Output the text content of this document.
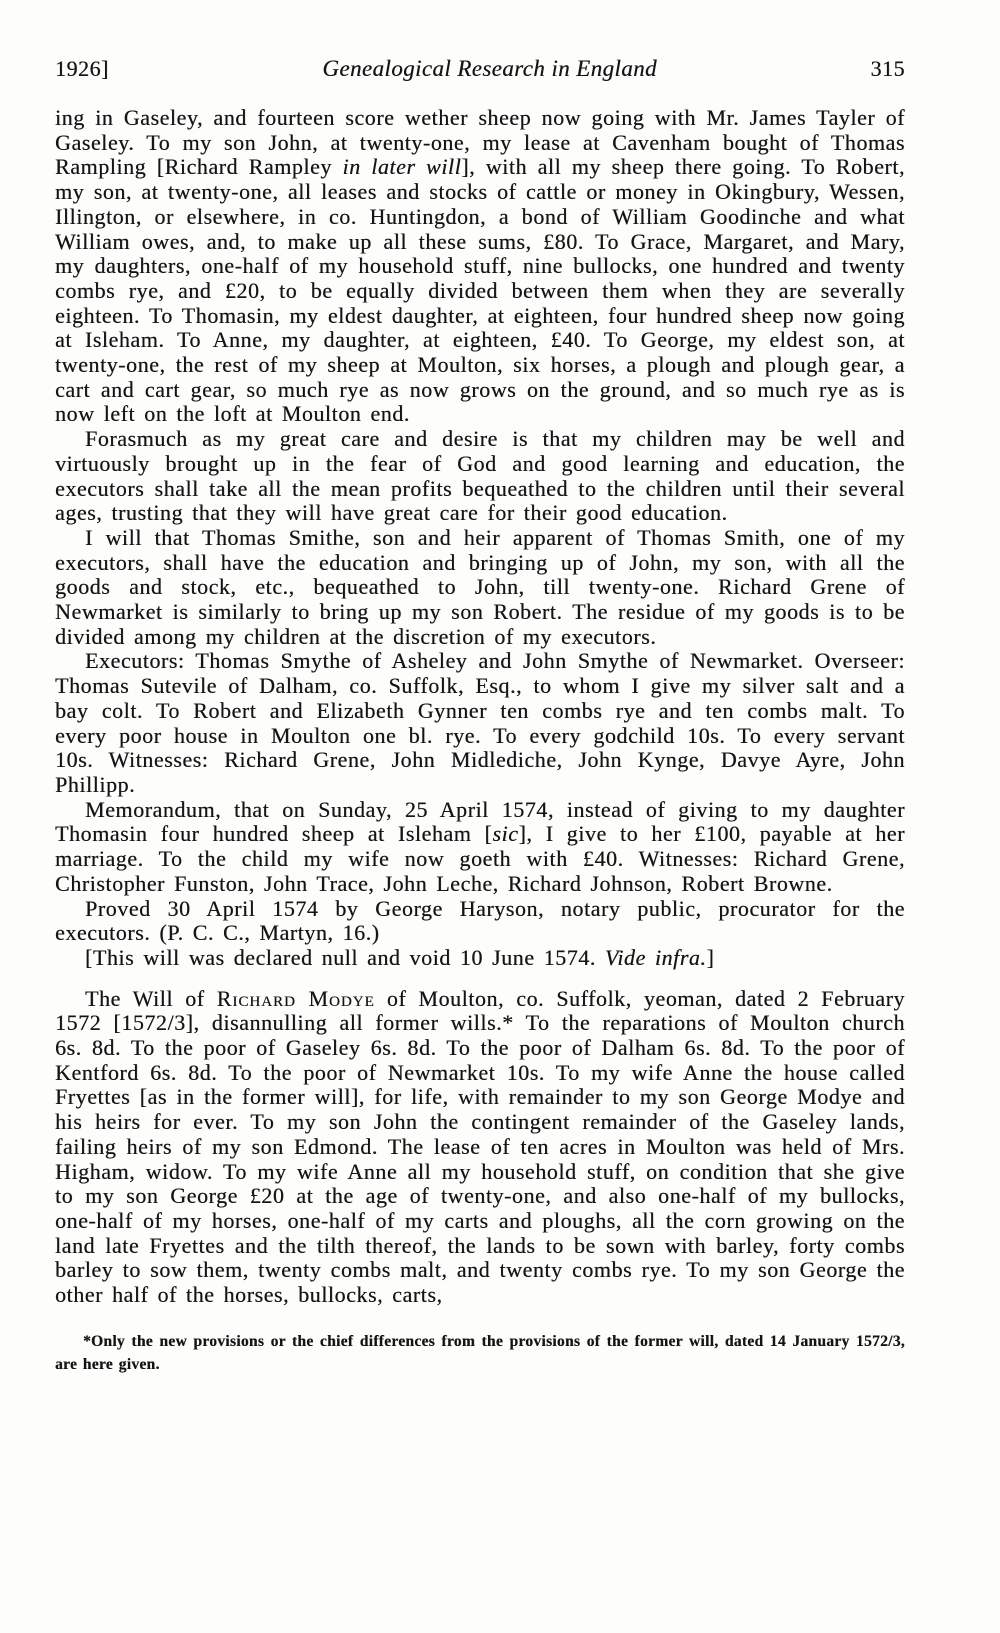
1926]	Genealogical Research in England	315

ing in Gaseley, and fourteen score wether sheep now going with Mr. James Tayler of Gaseley. To my son John, at twenty-one, my lease at Cavenham bought of Thomas Rampling [Richard Rampley in later will], with all my sheep there going. To Robert, my son, at twenty-one, all leases and stocks of cattle or money in Okingbury, Wessen, Illington, or elsewhere, in co. Huntingdon, a bond of William Goodinche and what William owes, and, to make up all these sums, £80. To Grace, Margaret, and Mary, my daughters, one-half of my household stuff, nine bullocks, one hundred and twenty combs rye, and £20, to be equally divided between them when they are severally eighteen. To Thomasin, my eldest daughter, at eighteen, four hundred sheep now going at Isleham. To Anne, my daughter, at eighteen, £40. To George, my eldest son, at twenty-one, the rest of my sheep at Moulton, six horses, a plough and plough gear, a cart and cart gear, so much rye as now grows on the ground, and so much rye as is now left on the loft at Moulton end.

Forasmuch as my great care and desire is that my children may be well and virtuously brought up in the fear of God and good learning and education, the executors shall take all the mean profits bequeathed to the children until their several ages, trusting that they will have great care for their good education.

I will that Thomas Smithe, son and heir apparent of Thomas Smith, one of my executors, shall have the education and bringing up of John, my son, with all the goods and stock, etc., bequeathed to John, till twenty-one. Richard Grene of Newmarket is similarly to bring up my son Robert. The residue of my goods is to be divided among my children at the discretion of my executors.

Executors: Thomas Smythe of Asheley and John Smythe of Newmarket. Overseer: Thomas Sutevile of Dalham, co. Suffolk, Esq., to whom I give my silver salt and a bay colt. To Robert and Elizabeth Gynner ten combs rye and ten combs malt. To every poor house in Moulton one bl. rye. To every godchild 10s. To every servant 10s. Witnesses: Richard Grene, John Midlediche, John Kynge, Davye Ayre, John Phillipp.

Memorandum, that on Sunday, 25 April 1574, instead of giving to my daughter Thomasin four hundred sheep at Isleham [sic], I give to her £100, payable at her marriage. To the child my wife now goeth with £40. Witnesses: Richard Grene, Christopher Funston, John Trace, John Leche, Richard Johnson, Robert Browne.

Proved 30 April 1574 by George Haryson, notary public, procurator for the executors. (P. C. C., Martyn, 16.)

[This will was declared null and void 10 June 1574. Vide infra.]

The Will of Richard Modye of Moulton, co. Suffolk, yeoman, dated 2 February 1572 [1572/3], disannulling all former wills.* To the reparations of Moulton church 6s. 8d. To the poor of Gaseley 6s. 8d. To the poor of Dalham 6s. 8d. To the poor of Kentford 6s. 8d. To the poor of Newmarket 10s. To my wife Anne the house called Fryettes [as in the former will], for life, with remainder to my son George Modye and his heirs for ever. To my son John the contingent remainder of the Gaseley lands, failing heirs of my son Edmond. The lease of ten acres in Moulton was held of Mrs. Higham, widow. To my wife Anne all my household stuff, on condition that she give to my son George £20 at the age of twenty-one, and also one-half of my bullocks, one-half of my horses, one-half of my carts and ploughs, all the corn growing on the land late Fryettes and the tilth thereof, the lands to be sown with barley, forty combs barley to sow them, twenty combs malt, and twenty combs rye. To my son George the other half of the horses, bullocks, carts,

*Only the new provisions or the chief differences from the provisions of the former will, dated 14 January 1572/3, are here given.
